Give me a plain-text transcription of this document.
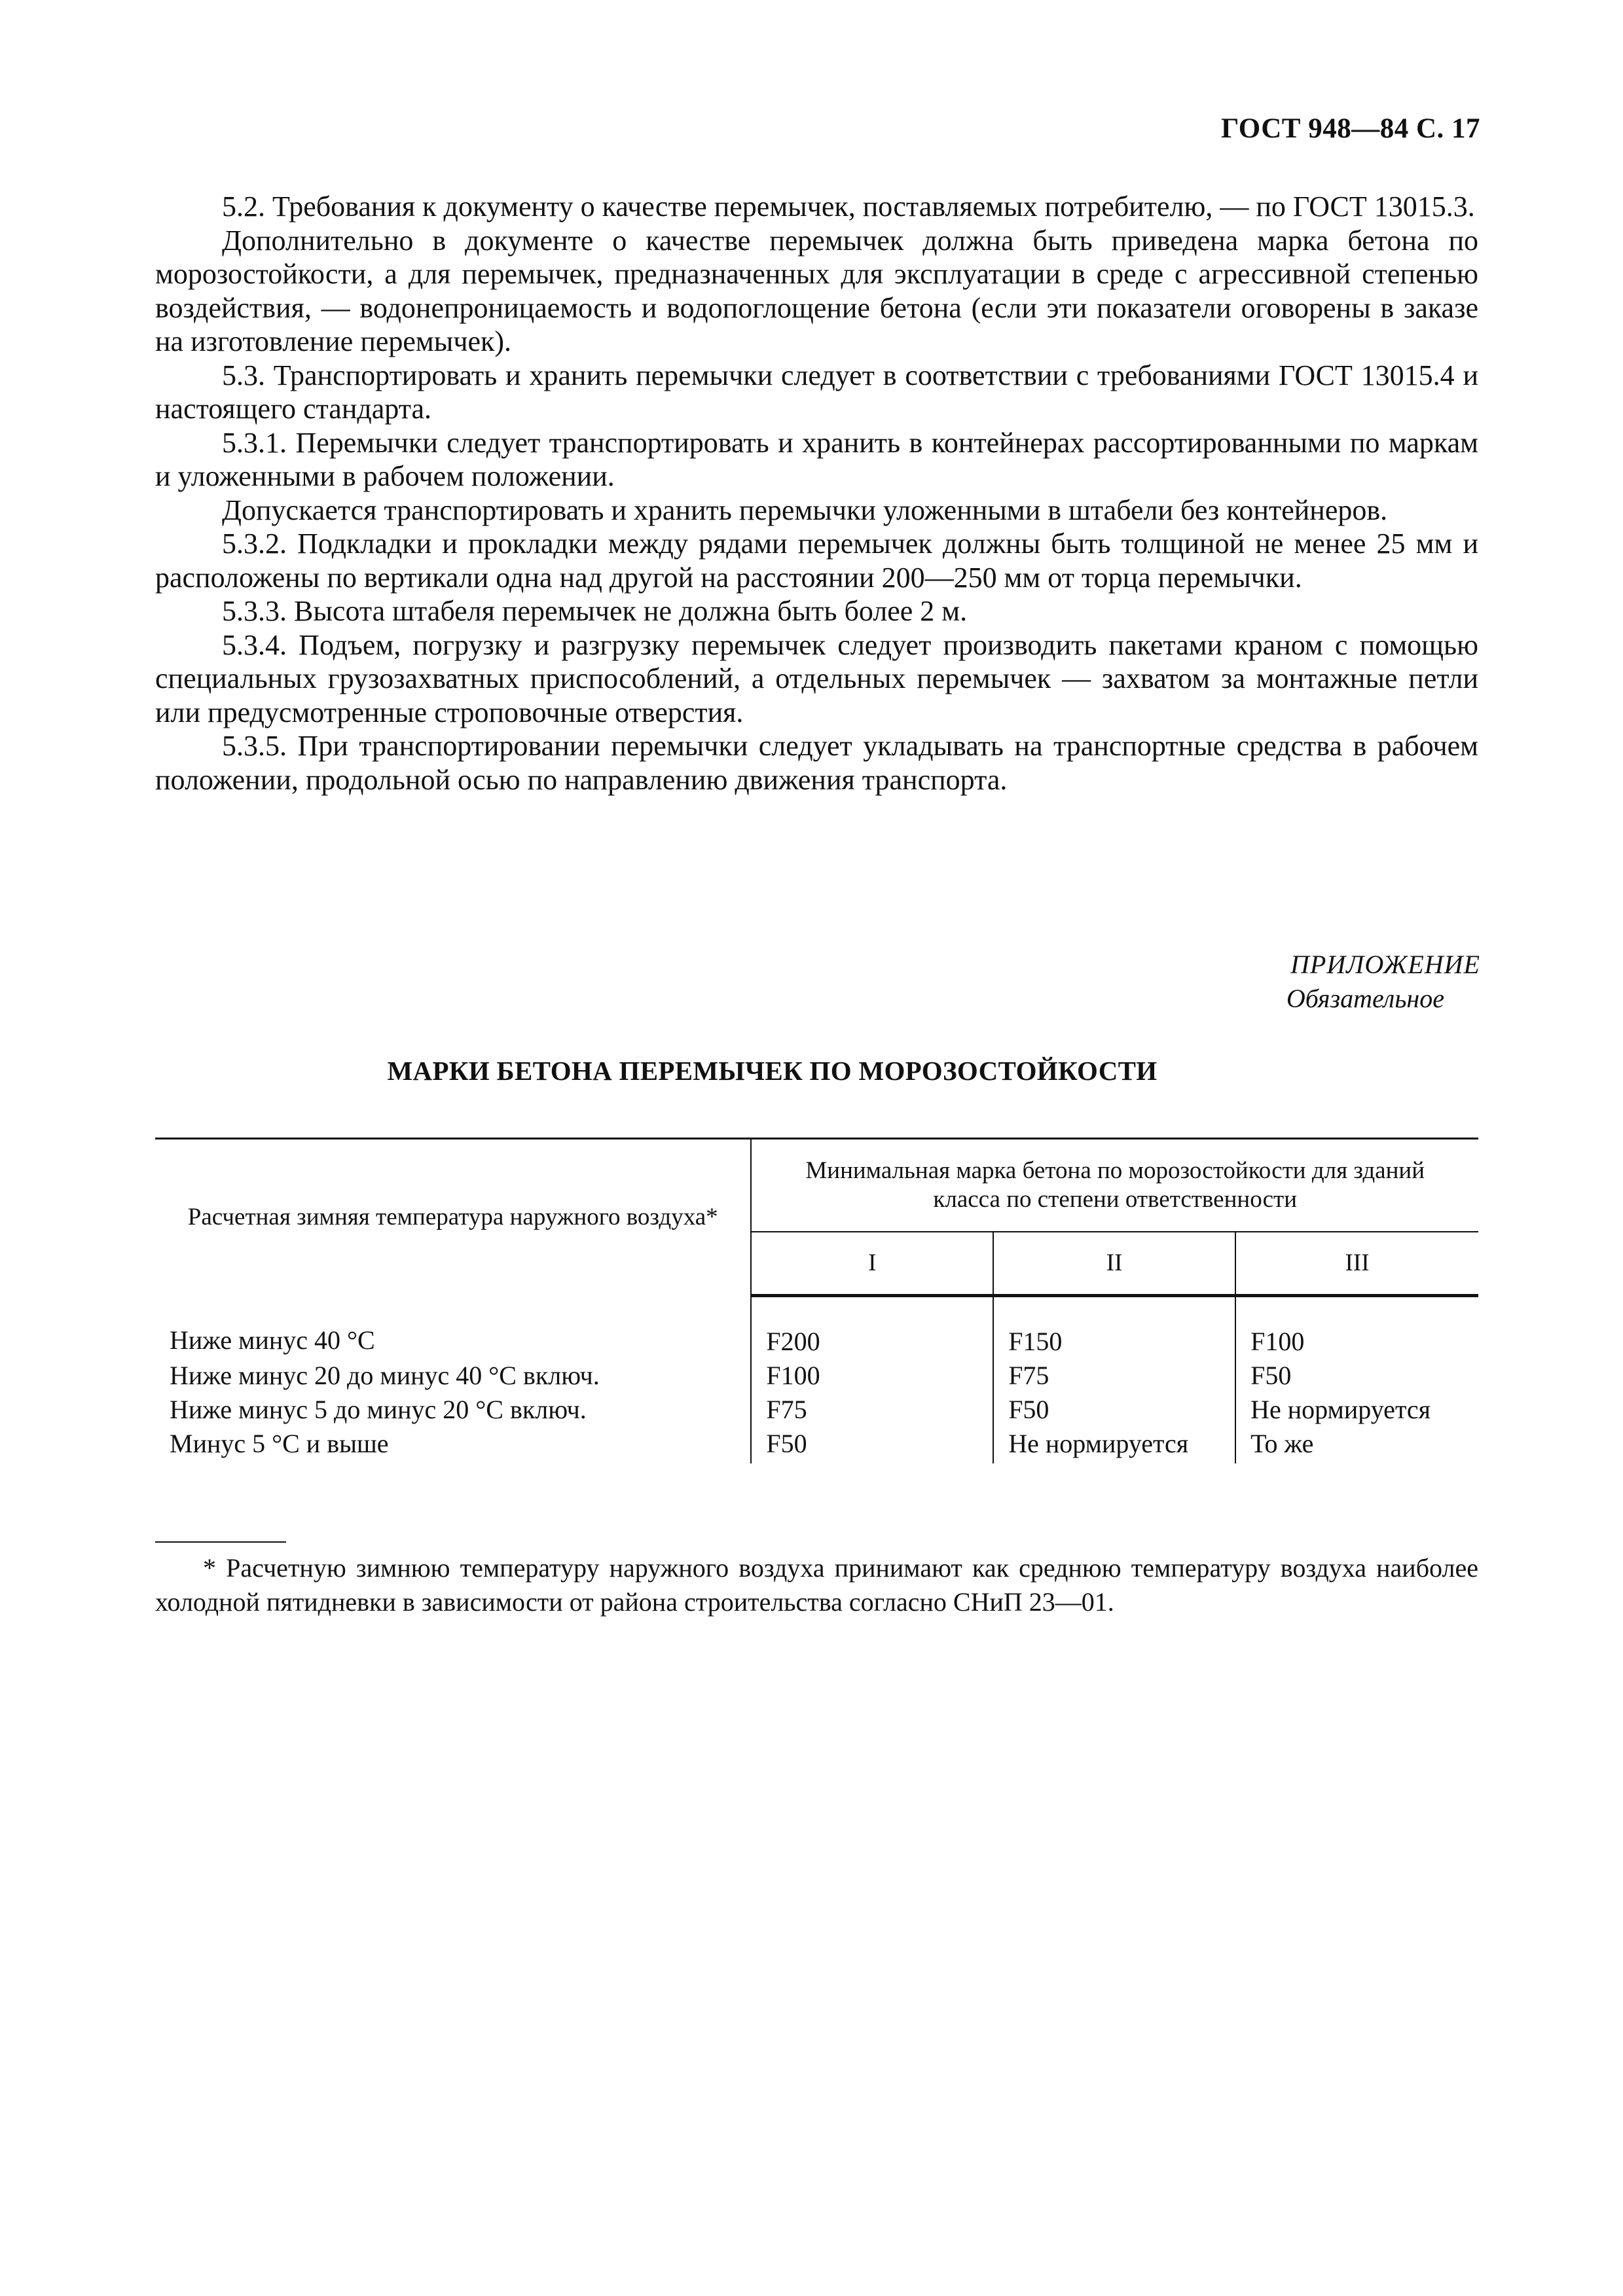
ГОСТ 948—84 С. 17

5.2. Требования к документу о качестве перемычек, поставляемых потребителю, — по ГОСТ 13015.3.

Дополнительно в документе о качестве перемычек должна быть приведена марка бетона по морозостойкости, а для перемычек, предназначенных для эксплуатации в среде с агрессивной степенью воздействия, — водонепроницаемость и водопоглощение бетона (если эти показатели оговорены в заказе на изготовление перемычек).

5.3. Транспортировать и хранить перемычки следует в соответствии с требованиями ГОСТ 13015.4 и настоящего стандарта.

5.3.1. Перемычки следует транспортировать и хранить в контейнерах рассортированными по маркам и уложенными в рабочем положении.

Допускается транспортировать и хранить перемычки уложенными в штабели без контейнеров.

5.3.2. Подкладки и прокладки между рядами перемычек должны быть толщиной не менее 25 мм и расположены по вертикали одна над другой на расстоянии 200—250 мм от торца перемычки.

5.3.3. Высота штабеля перемычек не должна быть более 2 м.

5.3.4. Подъем, погрузку и разгрузку перемычек следует производить пакетами краном с помощью специальных грузозахватных приспособлений, а отдельных перемычек — захватом за монтажные петли или предусмотренные строповочные отверстия.

5.3.5. При транспортировании перемычки следует укладывать на транспортные средства в рабочем положении, продольной осью по направлению движения транспорта.

ПРИЛОЖЕНИЕ
Обязательное
МАРКИ БЕТОНА ПЕРЕМЫЧЕК ПО МОРОЗОСТОЙКОСТИ
Расчетная зимняя температура наружного воздуха*	Минимальная марка бетона по морозостойкости для зданий класса по степени ответственности		
	I	II	III
Ниже минус 40 °С	F200	F150	F100
Ниже минус 20 до минус 40 °С включ.	F100	F75	F50
Ниже минус 5 до минус 20 °С включ.	F75	F50	Не нормируется
Минус 5 °С и выше	F50	Не нормируется	То же
* Расчетную зимнюю температуру наружного воздуха принимают как среднюю температуру воздуха наиболее холодной пятидневки в зависимости от района строительства согласно СНиП 23—01.
